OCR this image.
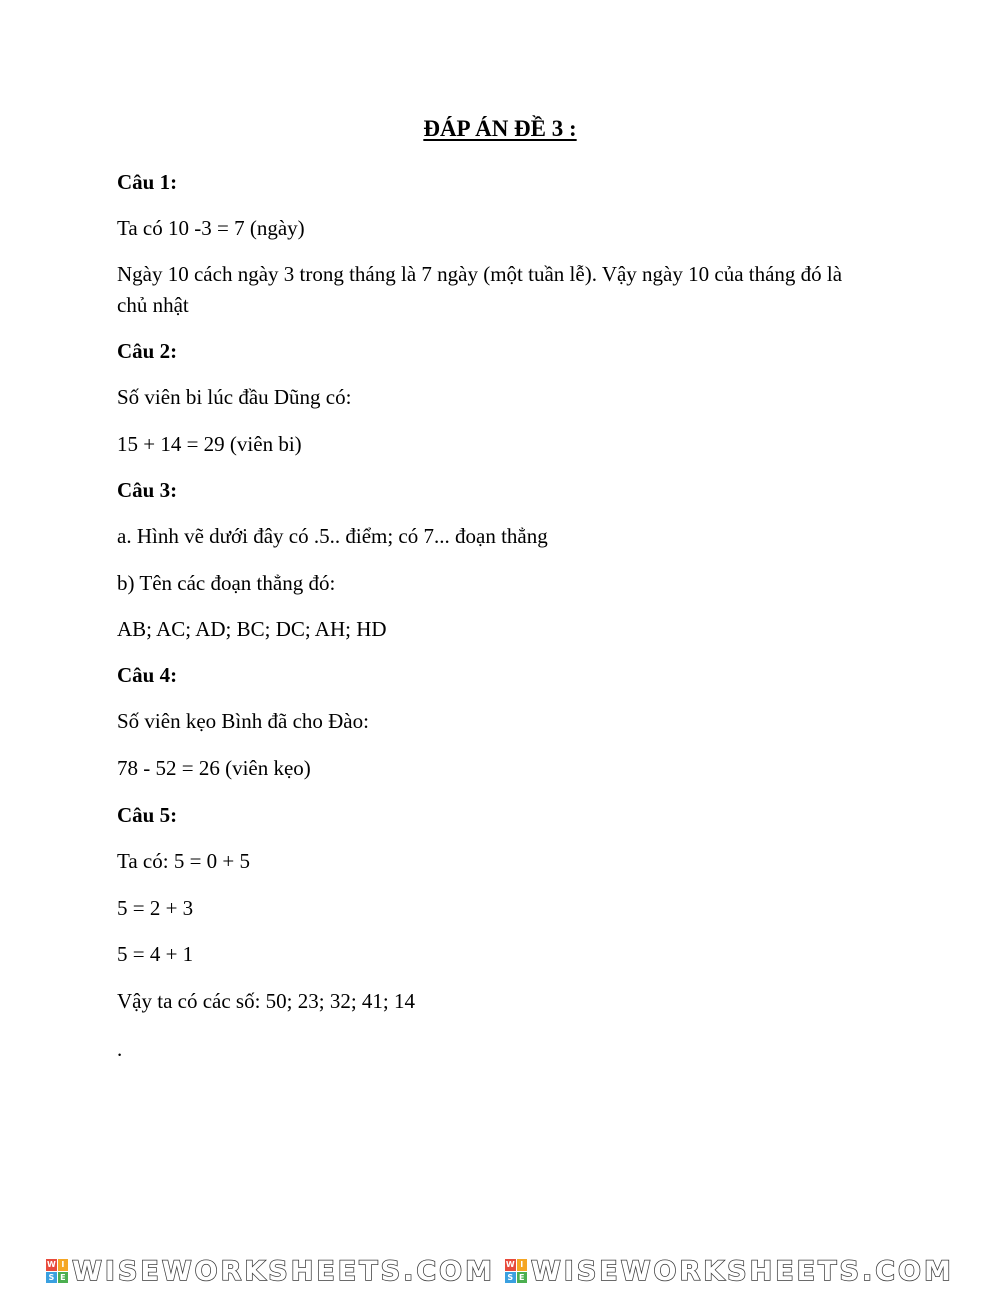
ĐÁP ÁN ĐỀ 3 :
Câu 1:
Ta có 10 -3 = 7 (ngày)
Ngày 10 cách ngày 3 trong tháng là 7 ngày (một tuần lễ). Vậy ngày 10 của tháng đó là chủ nhật
Câu 2:
Số viên bi lúc đầu Dũng có:
15 + 14 = 29 (viên bi)
Câu 3:
a. Hình vẽ dưới đây có .5.. điểm; có 7... đoạn thẳng
b) Tên các đoạn thẳng đó:
AB; AC; AD; BC; DC; AH; HD
Câu 4:
Số viên kẹo Bình đã cho Đào:
78 - 52 = 26 (viên kẹo)
Câu 5:
Ta có: 5 = 0 + 5
5 = 2 + 3
5 = 4 + 1
Vậy ta có các số: 50; 23; 32; 41; 14
.
W I
S E WISEWORKSHEETS.COM W I
S E WISEWORKSHEETS.COM
